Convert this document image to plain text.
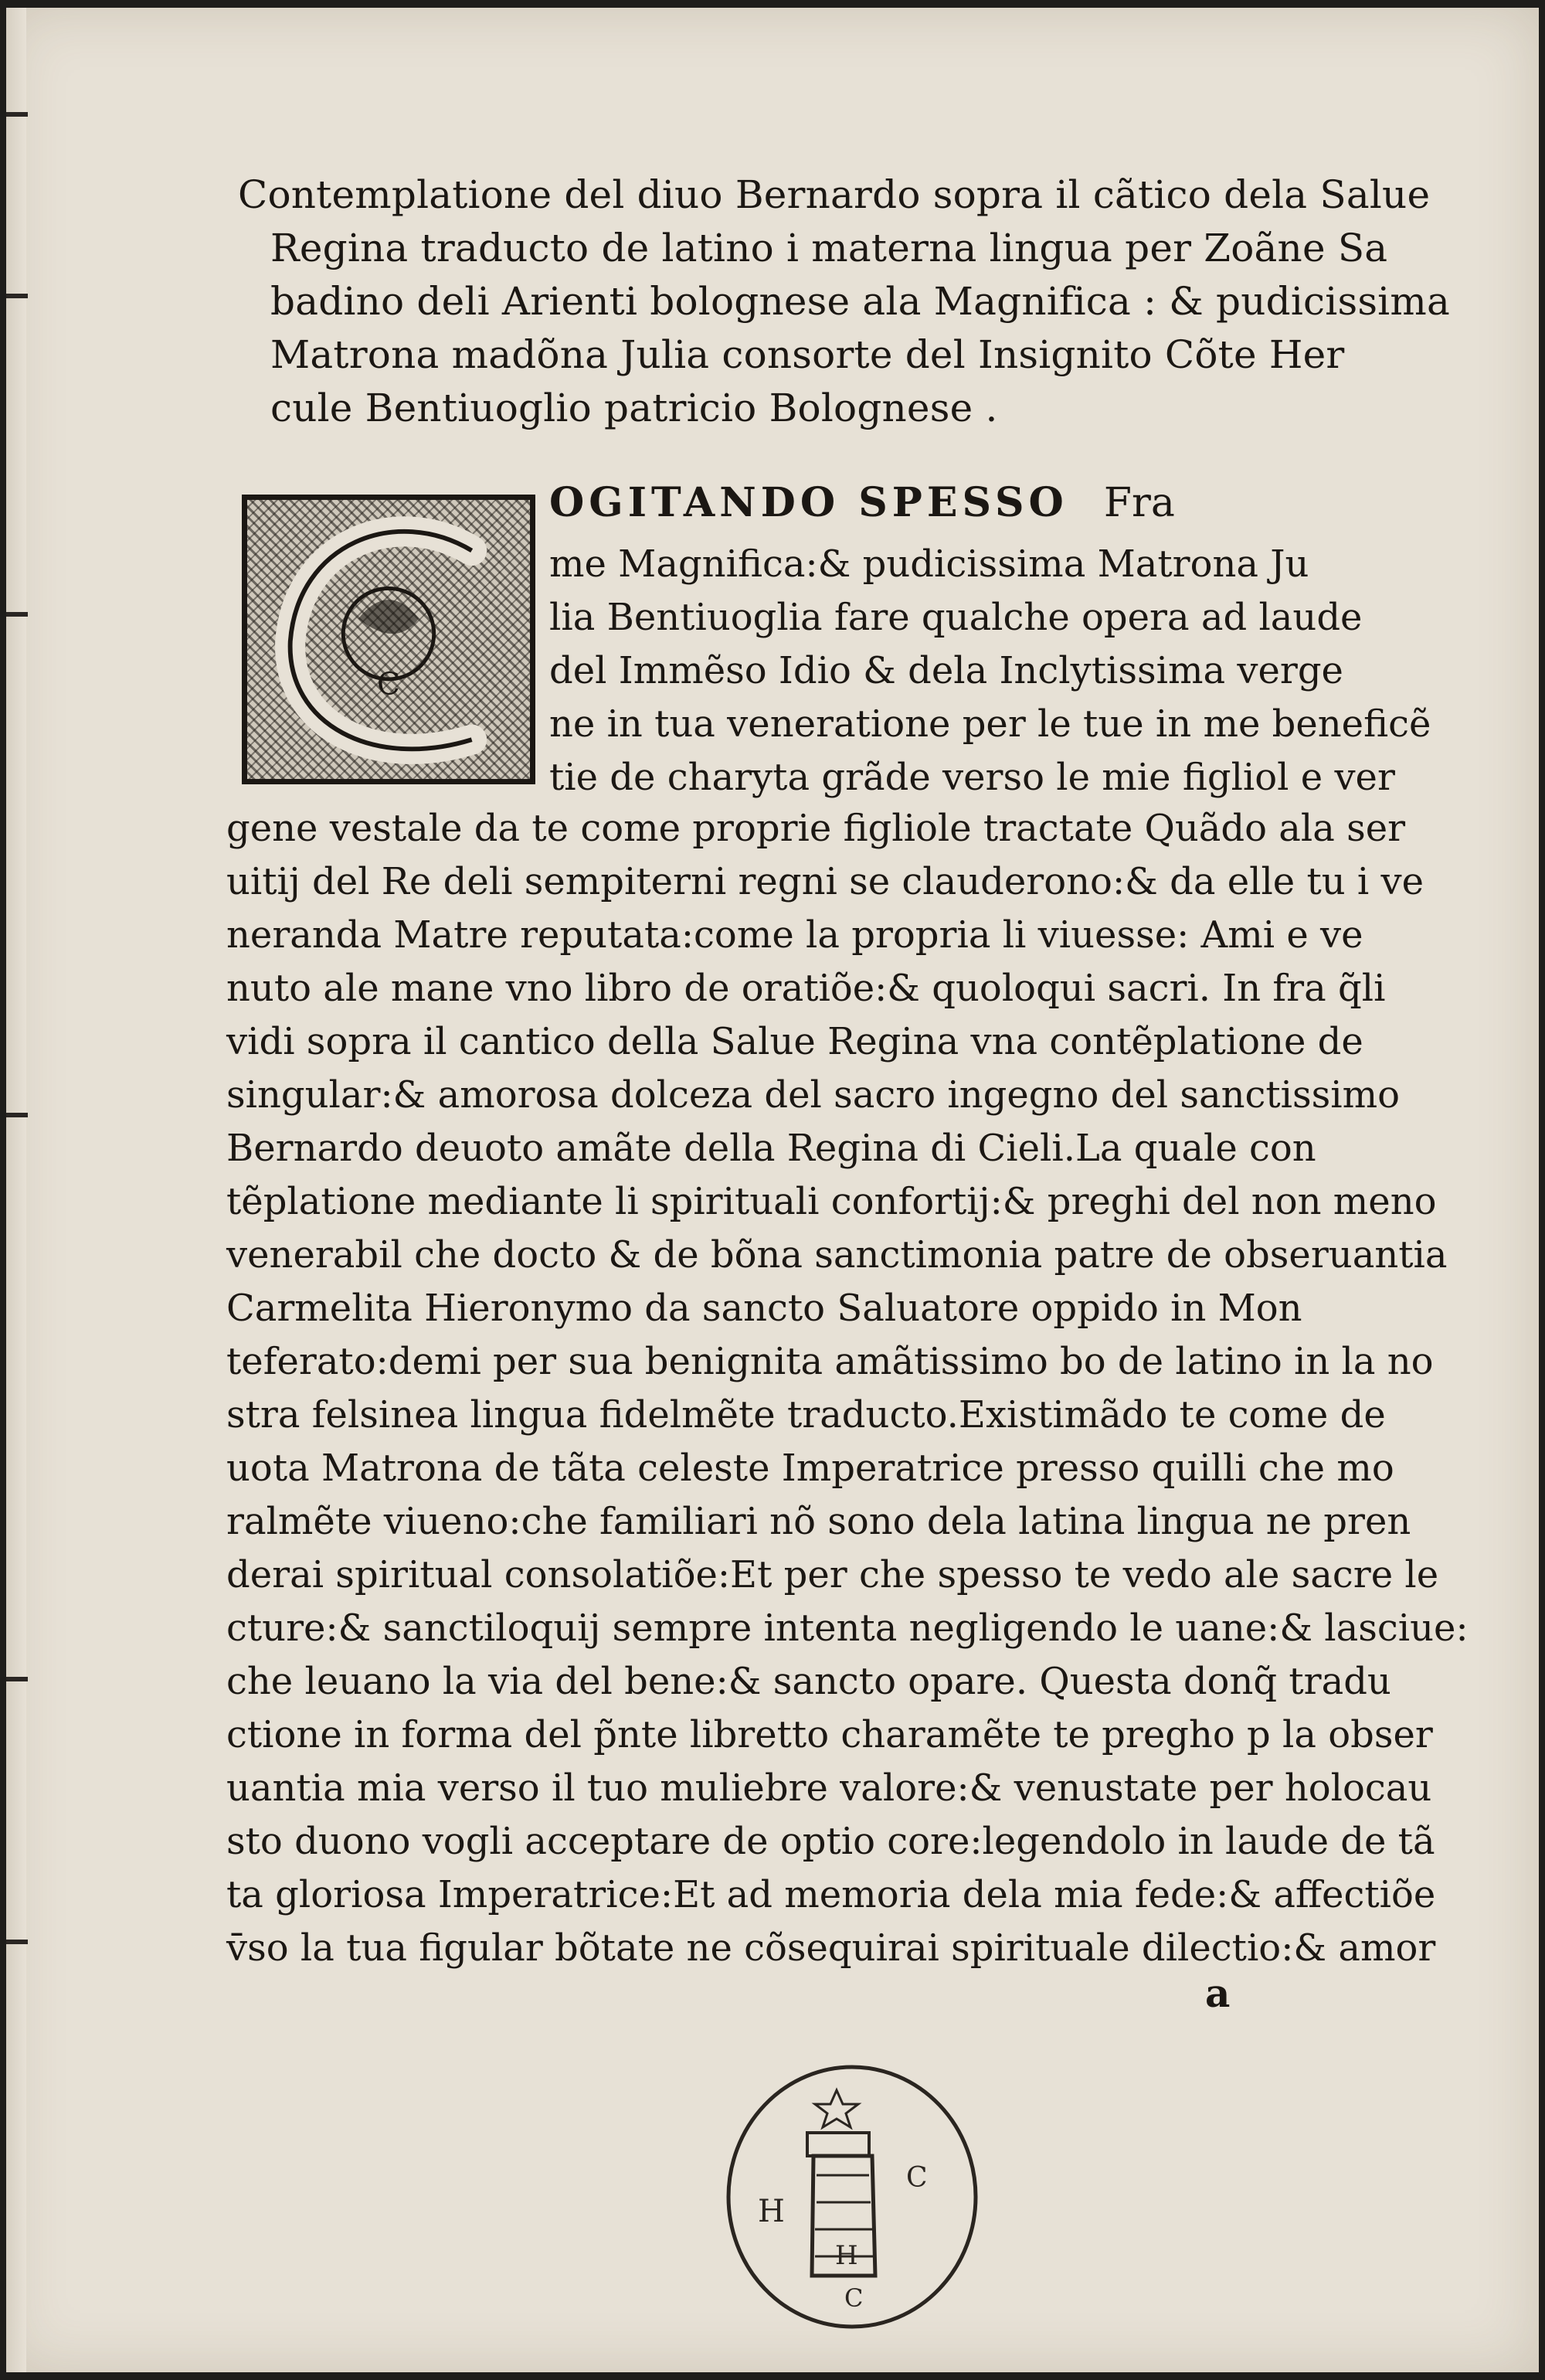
Contemplatione del diuo Bernardo sopra il cãtico dela Salue
Regina traducto de latino i materna lingua per Zoãne Sa
badino deli Arienti bolognese ala Magnifica : & pudicissima
Matrona madõna Julia consorte del Insignito Cõte Her
cule Bentiuoglio patricio Bolognese .
C
OGITANDO SPESSO Fra
me Magnifica:& pudicissima Matrona Ju
lia Bentiuoglia fare qualche opera ad laude
del Immẽso Idio & dela Inclytissima verge
ne in tua veneratione per le tue in me beneficẽ
tie de charyta grãde verso le mie figliol e ver
gene vestale da te come proprie figliole tractate Quãdo ala ser
uitij del Re deli sempiterni regni se clauderono:& da elle tu i ve
neranda Matre reputata:come la propria li viuesse: Ami e ve
nuto ale mane vno libro de oratiõe:& quoloqui sacri. In fra q̃li
vidi sopra il cantico della Salue Regina vna contẽplatione de
singular:& amorosa dolceza del sacro ingegno del sanctissimo
Bernardo deuoto amãte della Regina di Cieli.La quale con
tẽplatione mediante li spirituali confortij:& preghi del non meno
venerabil che docto & de bõna sanctimonia patre de obseruantia
Carmelita Hieronymo da sancto Saluatore oppido in Mon
teferato:demi per sua benignita amãtissimo bo de latino in la no
stra felsinea lingua fidelmẽte traducto.Existimãdo te come de
uota Matrona de tãta celeste Imperatrice presso quilli che mo
ralmẽte viueno:che familiari nõ sono dela latina lingua ne pren
derai spiritual consolatiõe:Et per che spesso te vedo ale sacre le
cture:& sanctiloquij sempre intenta negligendo le uane:& lasciue:
che leuano la via del bene:& sancto opare. Questa donq̃ tradu
ctione in forma del p̃nte libretto charamẽte te pregho p la obser
uantia mia verso il tuo muliebre valore:& venustate per holocau
sto duono vogli acceptare de optio core:legendolo in laude de tã
ta gloriosa Imperatrice:Et ad memoria dela mia fede:& affectiõe
v̄so la tua figular bõtate ne cõsequirai spirituale dilectio:& amor
a
H
C
H
C
